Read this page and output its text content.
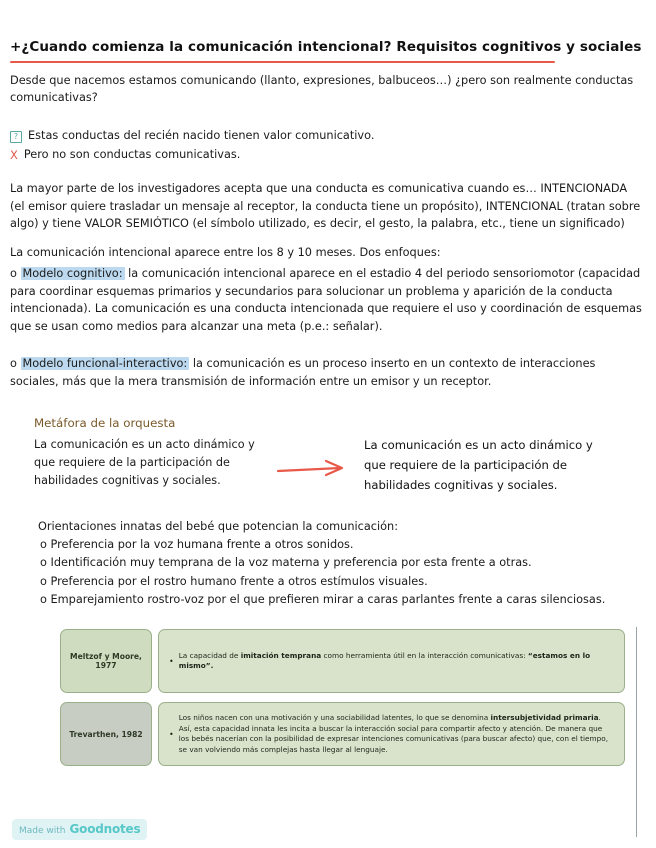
+¿Cuando comienza la comunicación intencional? Requisitos cognitivos y sociales

Desde que nacemos estamos comunicando (llanto, expresiones, balbuceos…) ¿pero son realmente conductas comunicativas?

? Estas conductas del recién nacido tienen valor comunicativo.
X Pero no son conductas comunicativas.

La mayor parte de los investigadores acepta que una conducta es comunicativa cuando es… INTENCIONADA (el emisor quiere trasladar un mensaje al receptor, la conducta tiene un propósito), INTENCIONAL (tratan sobre algo) y tiene VALOR SEMIÓTICO (el símbolo utilizado, es decir, el gesto, la palabra, etc., tiene un significado)

La comunicación intencional aparece entre los 8 y 10 meses. Dos enfoques:

o Modelo cognitivo: la comunicación intencional aparece en el estadio 4 del periodo sensoriomotor (capacidad para coordinar esquemas primarios y secundarios para solucionar un problema y aparición de la conducta intencionada). La comunicación es una conducta intencionada que requiere el uso y coordinación de esquemas que se usan como medios para alcanzar una meta (p.e.: señalar).
o Modelo funcional-interactivo: la comunicación es un proceso inserto en un contexto de interacciones sociales, más que la mera transmisión de información entre un emisor y un receptor.
Metáfora de la orquesta
La comunicación es un acto dinámico y que requiere de la participación de habilidades cognitivas y sociales.
La comunicación es un acto dinámico y que requiere de la participación de habilidades cognitivas y sociales.
Orientaciones innatas del bebé que potencian la comunicación:
o Preferencia por la voz humana frente a otros sonidos.
o Identificación muy temprana de la voz materna y preferencia por esta frente a otras.
o Preferencia por el rostro humano frente a otros estímulos visuales.
o Emparejamiento rostro-voz por el que prefieren mirar a caras parlantes frente a caras silenciosas.
Meltzof y Moore, 1977
•
La capacidad de imitación temprana como herramienta útil en la interacción comunicativas: “estamos en lo mismo”.
Trevarthen, 1982	•
Los niños nacen con una motivación y una sociabilidad latentes, lo que se denomina intersubjetividad primaria. Así, esta capacidad innata les incita a buscar la interacción social para compartir afecto y atención. De manera que los bebés nacerían con la posibilidad de expresar intenciones comunicativas (para buscar afecto) que, con el tiempo, se van volviendo más complejas hasta llegar al lenguaje.
Made with Goodnotes
